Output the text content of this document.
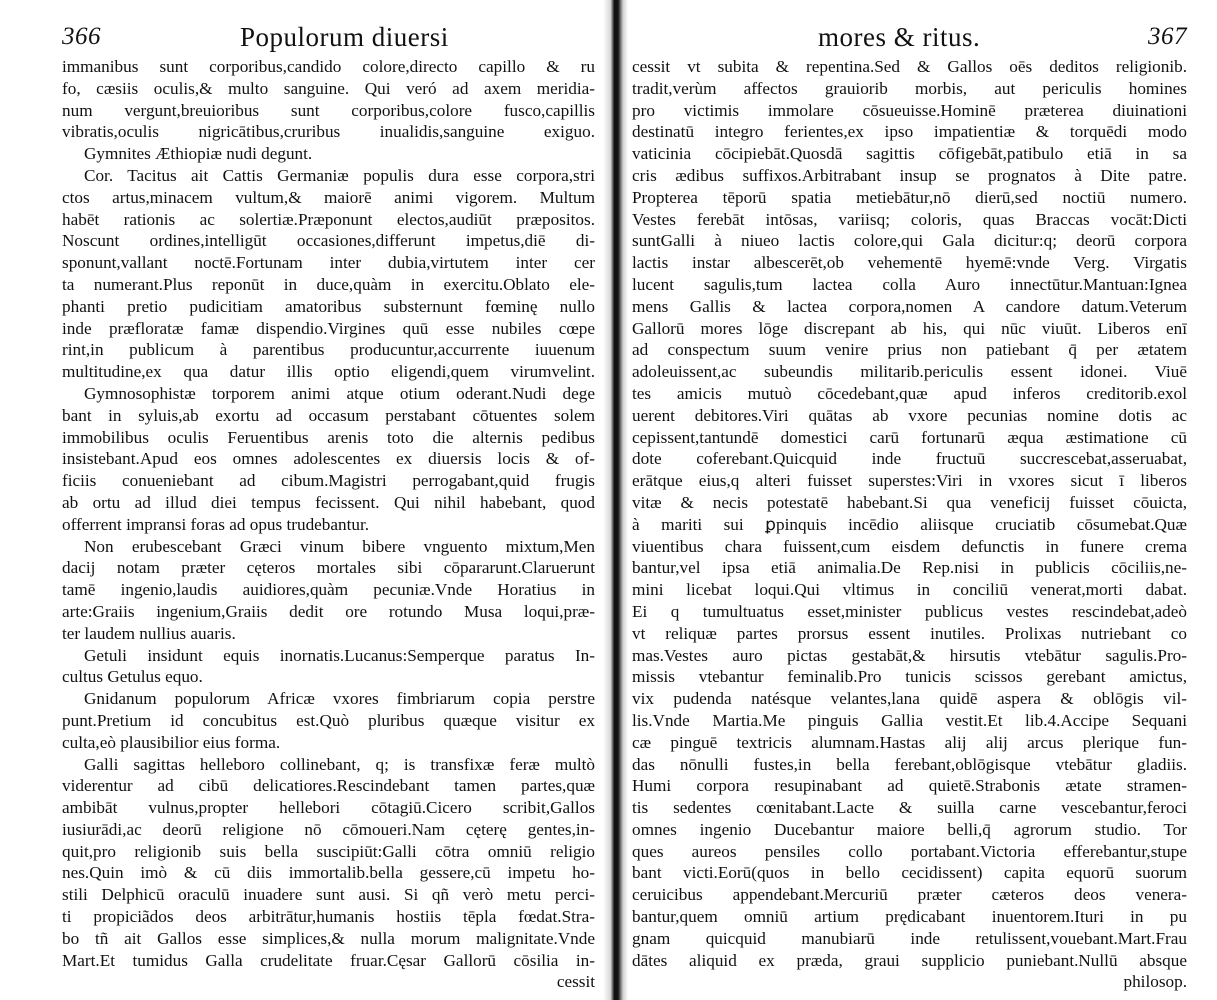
366	Populorum diuersi
immanibus sunt corporibus,candido colore,directo capillo & ru
fo, cæsiis oculis,& multo sanguine. Qui veró ad axem meridia-
num vergunt,breuioribus sunt corporibus,colore fusco,capillis
vibratis,oculis nigricātibus,cruribus inualidis,sanguine exiguo.
Gymnites Æthiopiæ nudi degunt.
Cor. Tacitus ait Cattis Germaniæ populis dura esse corpora,stri
ctos artus,minacem vultum,& maiorē animi vigorem. Multum
habēt rationis ac solertiæ.Præponunt electos,audiūt præpositos.
Noscunt ordines,intelligūt occasiones,differunt impetus,diē di-
sponunt,vallant noctē.Fortunam inter dubia,virtutem inter cer
ta numerant.Plus reponūt in duce,quàm in exercitu.Oblato ele-
phanti pretio pudicitiam amatoribus substernunt fœminę nullo
inde præfloratæ famæ dispendio.Virgines quū esse nubiles cœpe
rint,in publicum à parentibus producuntur,accurrente iuuenum
multitudine,ex qua datur illis optio eligendi,quem virumvelint.
Gymnosophistæ torporem animi atque otium oderant.Nudi dege
bant in syluis,ab exortu ad occasum perstabant cōtuentes solem
immobilibus oculis Feruentibus arenis toto die alternis pedibus
insistebant.Apud eos omnes adolescentes ex diuersis locis & of-
ficiis conueniebant ad cibum.Magistri perrogabant,quid frugis
ab ortu ad illud diei tempus fecissent. Qui nihil habebant, quod
offerrent impransi foras ad opus trudebantur.
Non erubescebant Græci vinum bibere vnguento mixtum,Men
dacij notam præter cęteros mortales sibi cōpararunt.Claruerunt
tamē ingenio,laudis auidiores,quàm pecuniæ.Vnde Horatius in
arte:Graiis ingenium,Graiis dedit ore rotundo Musa loqui,præ-
ter laudem nullius auaris.
Getuli insidunt equis inornatis.Lucanus:Semperque paratus In-
cultus Getulus equo.
Gnidanum populorum Africæ vxores fimbriarum copia perstre
punt.Pretium id concubitus est.Quò pluribus quæque visitur ex
culta,eò plausibilior eius forma.
Galli sagittas helleboro collinebant, q; is transfixæ feræ multò
viderentur ad cibū delicatiores.Rescindebant tamen partes,quæ
ambibāt vulnus,propter hellebori cōtagiū.Cicero scribit,Gallos
iusiurādi,ac deorū religione nō cōmoueri.Nam cęterę gentes,in-
quit,pro religionib suis bella suscipiūt:Galli cōtra omniū religio
nes.Quin imò & cū diis immortalib.bella gessere,cū impetu ho-
stili Delphicū oraculū inuadere sunt ausi. Si qñ verò metu perci-
ti propiciãdos deos arbitrātur,humanis hostiis tēpla fœdat.Stra-
bo tñ ait Gallos esse simplices,& nulla morum malignitate.Vnde
Mart.Et tumidus Galla crudelitate fruar.Cęsar Gallorū cōsilia in-
cessit
mores & ritus.	367
cessit vt subita & repentina.Sed & Gallos oēs deditos religionib.
tradit,verùm affectos grauiorib morbis, aut periculis homines
pro victimis immolare cōsueuisse.Hominē præterea diuinationi
destinatū integro ferientes,ex ipso impatientiæ & torquēdi modo
vaticinia cōcipiebāt.Quosdā sagittis cōfigebāt,patibulo etiā in sa
cris ædibus suffixos.Arbitrabant insup se prognatos à Dite patre.
Propterea tēporū spatia metiebātur,nō dierū,sed noctiū numero.
Vestes ferebāt intōsas, variisq; coloris, quas Braccas vocāt:Dicti
suntGalli à niueo lactis colore,qui Gala dicitur:q; deorū corpora
lactis instar albescerēt,ob vehementē hyemē:vnde Verg. Virgatis
lucent sagulis,tum lactea colla Auro innectūtur.Mantuan:Ignea
mens Gallis & lactea corpora,nomen A candore datum.Veterum
Gallorū mores lōge discrepant ab his, qui nūc viuūt. Liberos enī
ad conspectum suum venire prius non patiebant q̄ per ætatem
adoleuissent,ac subeundis militarib.periculis essent idonei. Viuē
tes amicis mutuò cōcedebant,quæ apud inferos creditorib.exol
uerent debitores.Viri quātas ab vxore pecunias nomine dotis ac
cepissent,tantundē domestici carū fortunarū æqua æstimatione cū
dote coferebant.Quicquid inde fructuū succrescebat,asseruabat,
erātque eius,q alteri fuisset superstes:Viri in vxores sicut ī liberos
vitæ & necis potestatē habebant.Si qua veneficij fuisset cōuicta,
à mariti sui ꝑpinquis incēdio aliisque cruciatib cōsumebat.Quæ
viuentibus chara fuissent,cum eisdem defunctis in funere crema
bantur,vel ipsa etiā animalia.De Rep.nisi in publicis cōciliis,ne-
mini licebat loqui.Qui vltimus in conciliū venerat,morti dabat.
Ei q tumultuatus esset,minister publicus vestes rescindebat,adeò
vt reliquæ partes prorsus essent inutiles. Prolixas nutriebant co
mas.Vestes auro pictas gestabāt,& hirsutis vtebātur sagulis.Pro-
missis vtebantur feminalib.Pro tunicis scissos gerebant amictus,
vix pudenda natésque velantes,lana quidē aspera & oblōgis vil-
lis.Vnde Martia.Me pinguis Gallia vestit.Et lib.4.Accipe Sequani
cæ pinguē textricis alumnam.Hastas alij alij arcus plerique fun-
das nōnulli fustes,in bella ferebant,oblōgisque vtebātur gladiis.
Humi corpora resupinabant ad quietē.Strabonis ætate stramen-
tis sedentes cœnitabant.Lacte & suilla carne vescebantur,feroci
omnes ingenio Ducebantur maiore belli,q̄ agrorum studio. Tor
ques aureos pensiles collo portabant.Victoria efferebantur,stupe
bant victi.Eorū(quos in bello cecidissent) capita equorū suorum
ceruicibus appendebant.Mercuriū præter cæteros deos venera-
bantur,quem omniū artium prędicabant inuentorem.Ituri in pu
gnam quicquid manubiarū inde retulissent,vouebant.Mart.Frau
dātes aliquid ex præda, graui supplicio puniebant.Nullū absque
philosop.
